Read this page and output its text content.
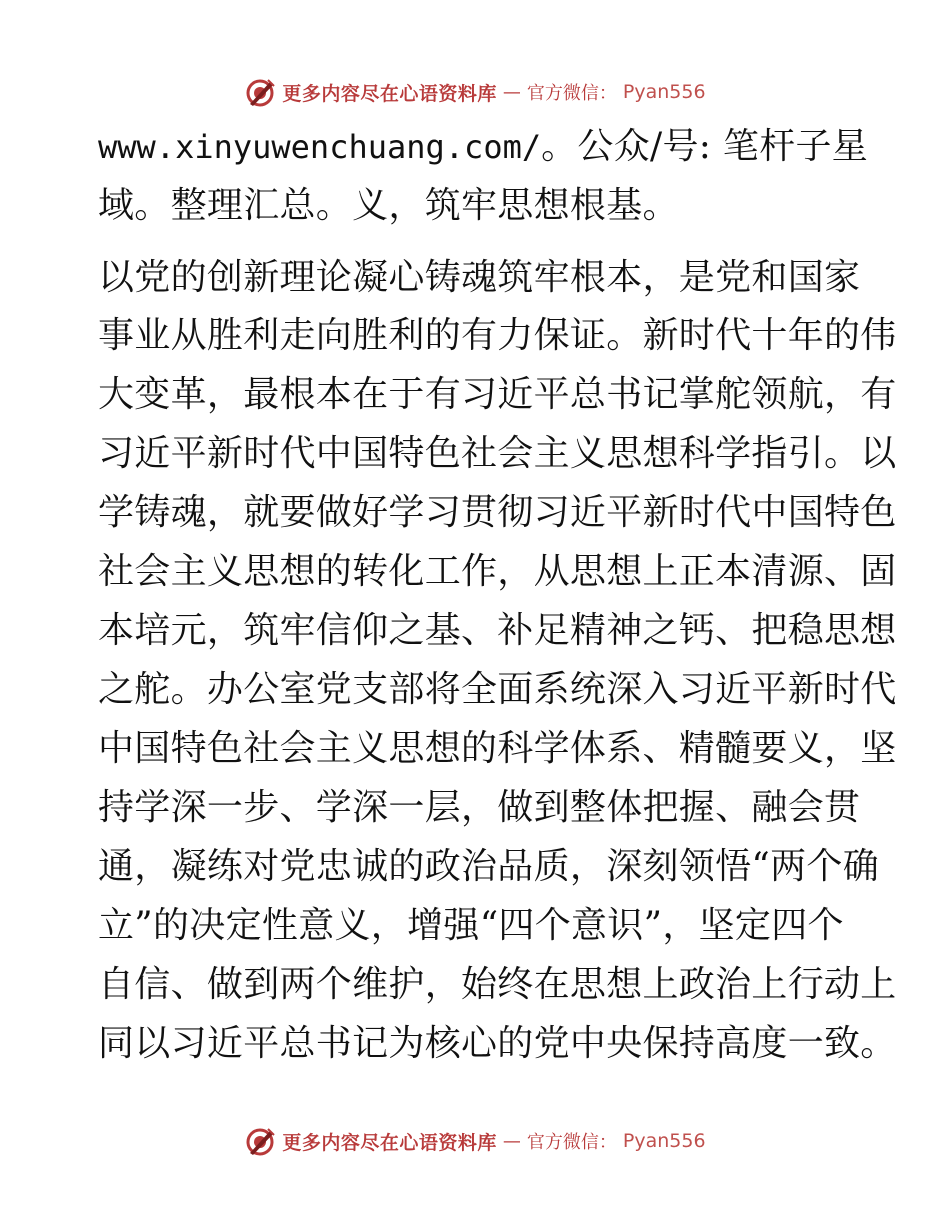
更多内容尽在心语资料库 — 官方微信： Pyan556
www.xinyuwenchuang.com/。公众/号: 笔杆子星
域。整理汇总。义，筑牢思想根基。
以党的创新理论凝心铸魂筑牢根本，是党和国家
事业从胜利走向胜利的有力保证。新时代十年的伟
大变革，最根本在于有习近平总书记掌舵领航，有
习近平新时代中国特色社会主义思想科学指引。以
学铸魂，就要做好学习贯彻习近平新时代中国特色
社会主义思想的转化工作，从思想上正本清源、固
本培元，筑牢信仰之基、补足精神之钙、把稳思想
之舵。办公室党支部将全面系统深入习近平新时代
中国特色社会主义思想的科学体系、精髓要义，坚
持学深一步、学深一层，做到整体把握、融会贯
通，凝练对党忠诚的政治品质，深刻领悟“两个确
立”的决定性意义，增强“四个意识”，坚定四个
自信、做到两个维护，始终在思想上政治上行动上
同以习近平总书记为核心的党中央保持高度一致。
更多内容尽在心语资料库 — 官方微信： Pyan556
